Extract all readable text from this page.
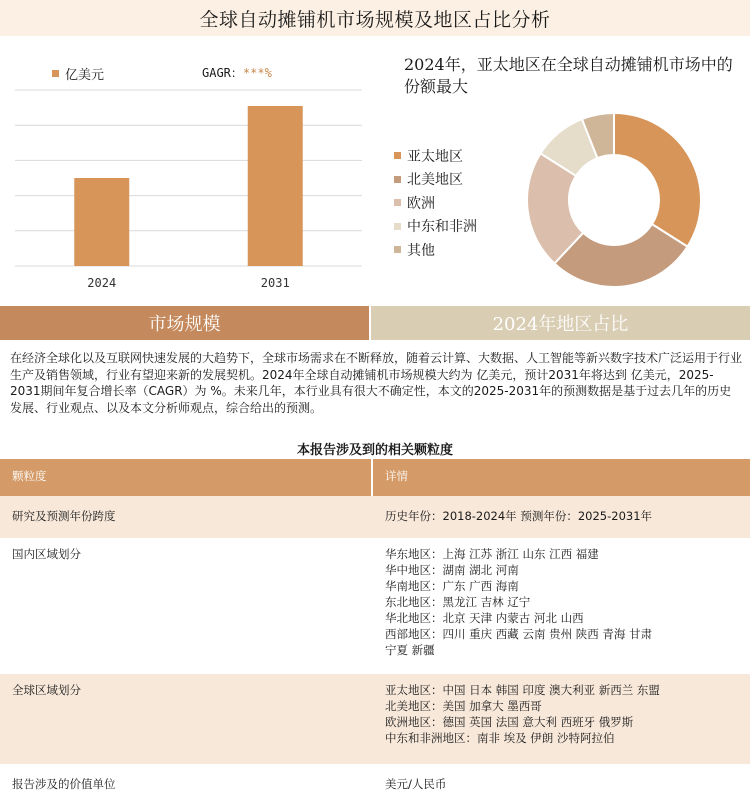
全球自动摊铺机市场规模及地区占比分析
亿美元	GAGR：***%
2024	2031
2024年，亚太地区在全球自动摊铺机市场中的份额最大
亚太地区
北美地区
欧洲
中东和非洲
其他
市场规模	2024年地区占比
在经济全球化以及互联网快速发展的大趋势下，全球市场需求在不断释放，随着云计算、大数据、人工智能等新兴数字技术广泛运用于行业生产及销售领域，行业有望迎来新的发展契机。2024年全球自动摊铺机市场规模大约为 亿美元，预计2031年将达到 亿美元，2025-2031期间年复合增长率（CAGR）为 %。未来几年，本行业具有很大不确定性，本文的2025-2031年的预测数据是基于过去几年的历史发展、行业观点、以及本文分析师观点，综合给出的预测。
本报告涉及到的相关颗粒度
颗粒度	详情
研究及预测年份跨度	历史年份：2018-2024年 预测年份：2025-2031年
国内区域划分	华东地区：上海 江苏 浙江 山东 江西 福建
华中地区：湖南 湖北 河南
华南地区：广东 广西 海南
东北地区：黑龙江 吉林 辽宁
华北地区：北京 天津 内蒙古 河北 山西
西部地区：四川 重庆 西藏 云南 贵州 陕西 青海 甘肃
宁夏 新疆
全球区域划分	亚太地区：中国 日本 韩国 印度 澳大利亚 新西兰 东盟
北美地区：美国 加拿大 墨西哥
欧洲地区：德国 英国 法国 意大利 西班牙 俄罗斯
中东和非洲地区：南非 埃及 伊朗 沙特阿拉伯
报告涉及的价值单位	美元/人民币
